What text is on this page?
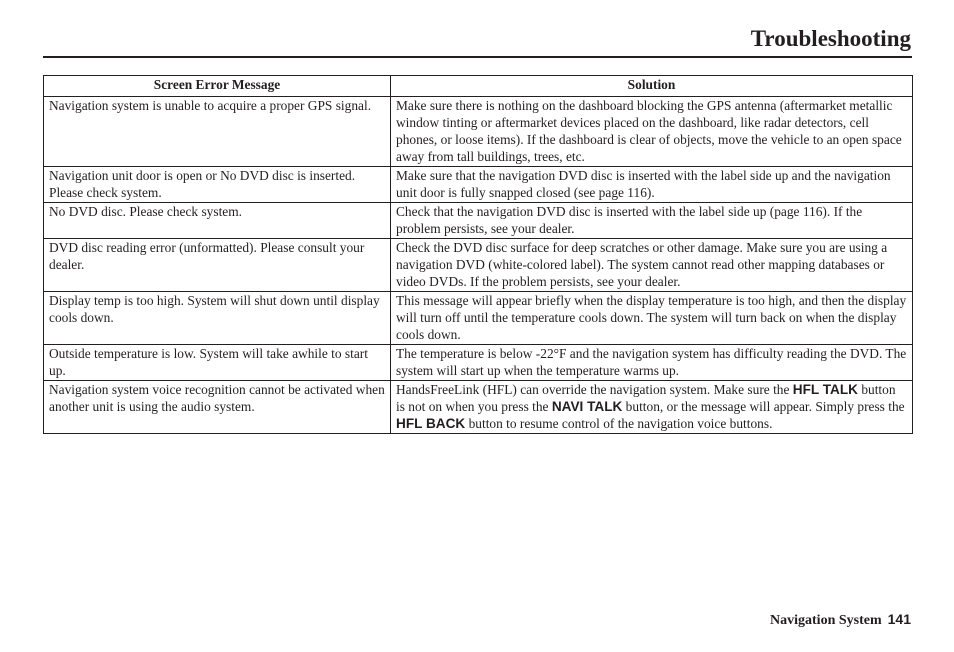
Troubleshooting
Screen Error Message	Solution
Navigation system is unable to acquire a proper GPS signal.	Make sure there is nothing on the dashboard blocking the GPS antenna (aftermarket metallic window tinting or aftermarket devices placed on the dashboard, like radar detectors, cell phones, or loose items). If the dashboard is clear of objects, move the vehicle to an open space away from tall buildings, trees, etc.
Navigation unit door is open or No DVD disc is inserted. Please check system.	Make sure that the navigation DVD disc is inserted with the label side up and the navigation unit door is fully snapped closed (see page 116).
No DVD disc. Please check system.	Check that the navigation DVD disc is inserted with the label side up (page 116). If the problem persists, see your dealer.
DVD disc reading error (unformatted). Please consult your dealer.	Check the DVD disc surface for deep scratches or other damage. Make sure you are using a navigation DVD (white-colored label). The system cannot read other mapping databases or video DVDs. If the problem persists, see your dealer.
Display temp is too high. System will shut down until display cools down.	This message will appear briefly when the display temperature is too high, and then the display will turn off until the temperature cools down. The system will turn back on when the display cools down.
Outside temperature is low. System will take awhile to start up.	The temperature is below -22°F and the navigation system has difficulty reading the DVD. The system will start up when the temperature warms up.
Navigation system voice recognition cannot be activated when another unit is using the audio system.	HandsFreeLink (HFL) can override the navigation system. Make sure the HFL TALK button is not on when you press the NAVI TALK button, or the message will appear. Simply press the HFL BACK button to resume control of the navigation voice buttons.
Navigation System 141
